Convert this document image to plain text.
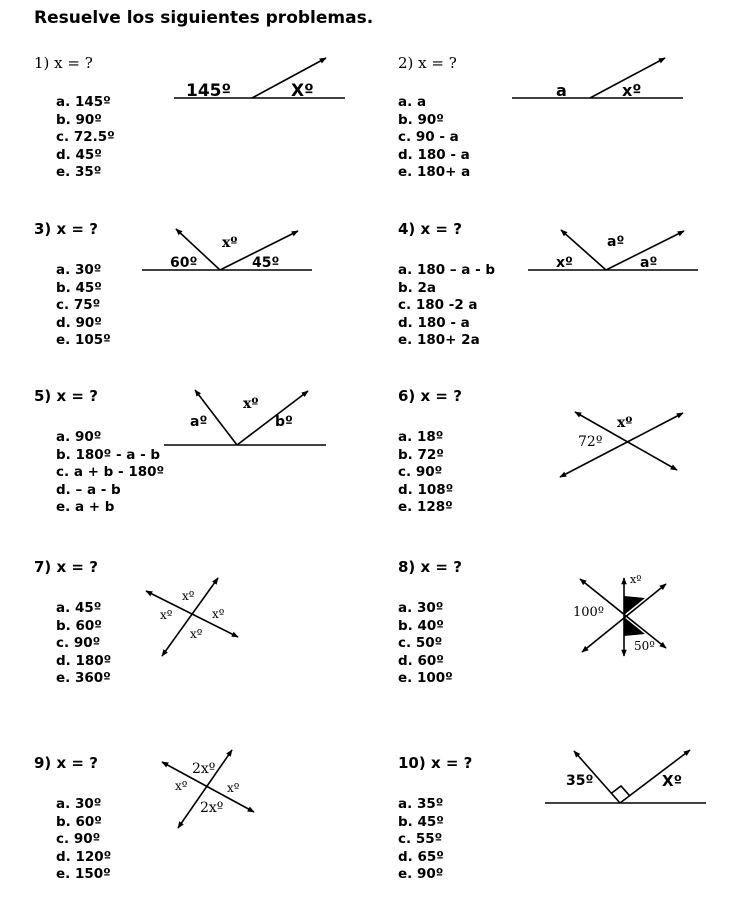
Resuelve los siguientes problemas.
1) x = ?
a. 145º
b. 90º
c. 72.5º
d. 45º
e. 35º
2) x = ?
a. a
b. 90º
c. 90 - a
d. 180 - a
e. 180+ a
3) x = ?
a. 30º
b. 45º
c. 75º
d. 90º
e. 105º
4) x = ?
a. 180 – a - b
b. 2a
c. 180 -2 a
d. 180 - a
e. 180+ 2a
5) x = ?
a. 90º
b. 180º - a - b
c. a + b - 180º
d. – a - b
e. a + b
6) x = ?
a. 18º
b. 72º
c. 90º
d. 108º
e. 128º
7) x = ?
a. 45º
b. 60º
c. 90º
d. 180º
e. 360º
8) x = ?
a. 30º
b. 40º
c. 50º
d. 60º
e. 100º
9) x = ?
a. 30º
b. 60º
c. 90º
d. 120º
e. 150º
10) x = ?
a. 35º
b. 45º
c. 55º
d. 65º
e. 90º
145º	Xº	a	xº
60º
xº
45º	xº
aº
aº
aº
xº
bº	xº
72º
xº
xº	xº
xº
xº
100º
50º
2xº
xº	xº
2xº
35º	Xº
